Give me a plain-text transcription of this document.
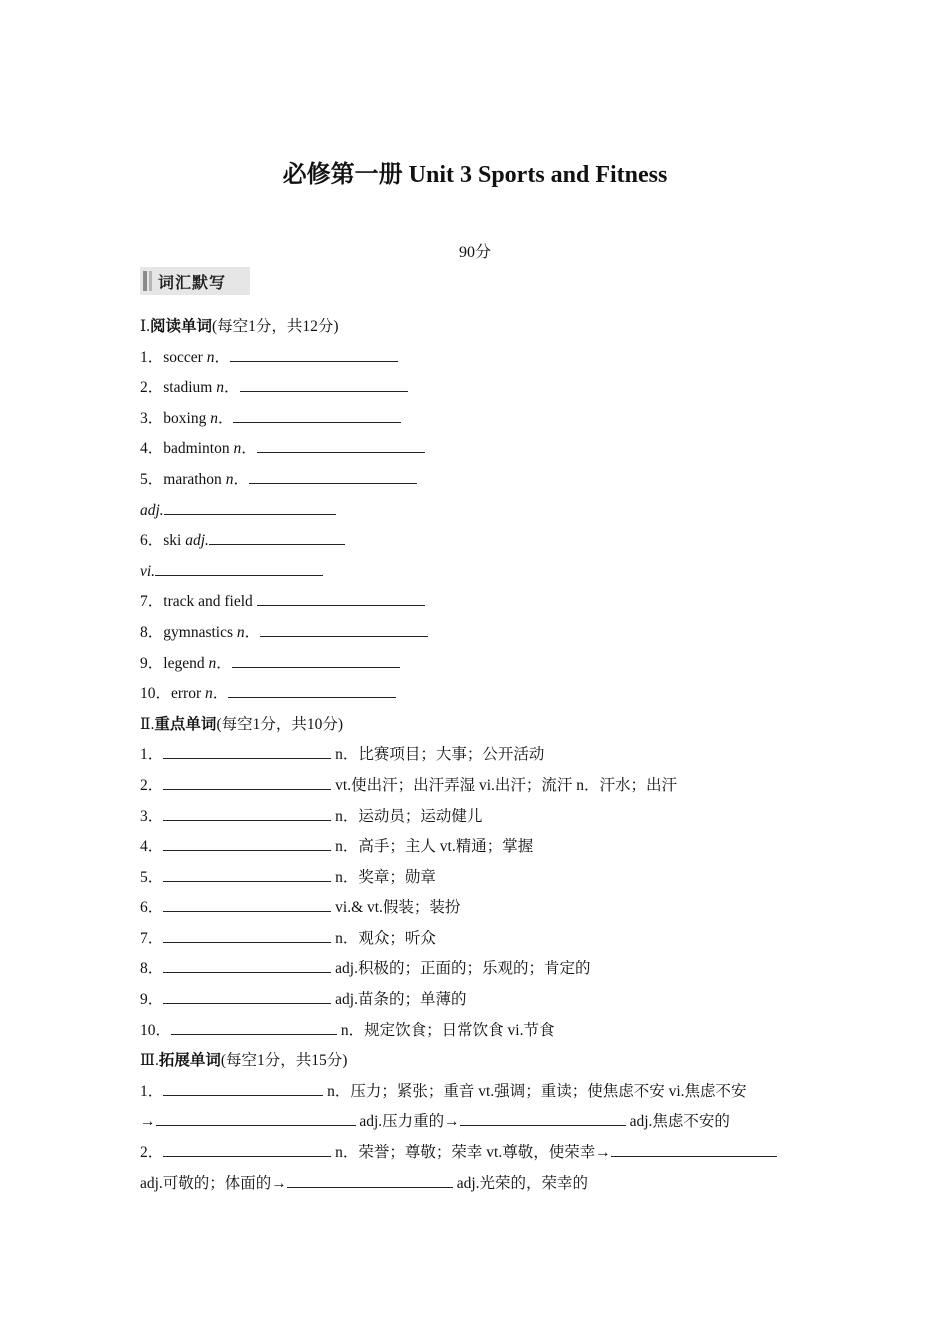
必修第一册 Unit 3 Sports and Fitness
90分
词汇默写
Ⅰ.阅读单词(每空1分，共12分)
1．soccer n．
2．stadium n．
3．boxing n．
4．badminton n．
5．marathon n．
adj.
6．ski adj.
vi.
7．track and field
8．gymnastics n．
9．legend n．
10．error n．
Ⅱ.重点单词(每空1分，共10分)
1．	n．比赛项目；大事；公开活动
2．	vt.使出汗；出汗弄湿 vi.出汗；流汗 n．汗水；出汗
3．	n．运动员；运动健儿
4．	n．高手；主人 vt.精通；掌握
5．	n．奖章；勋章
6．	vi.& vt.假装；装扮
7．	n．观众；听众
8．	adj.积极的；正面的；乐观的；肯定的
9．	adj.苗条的；单薄的
10．	n．规定饮食；日常饮食 vi.节食
Ⅲ.拓展单词(每空1分，共15分)
1．	n．压力；紧张；重音 vt.强调；重读；使焦虑不安 vi.焦虑不安
→	adj.压力重的→	adj.焦虑不安的
2．	n．荣誉；尊敬；荣幸 vt.尊敬，使荣幸→
adj.可敬的；体面的→	adj.光荣的，荣幸的
